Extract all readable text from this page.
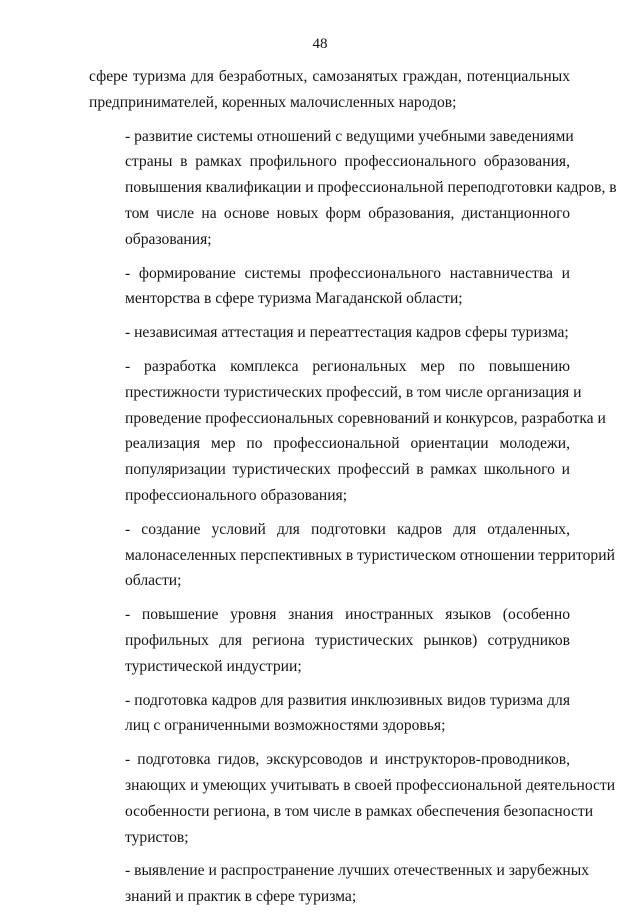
48

сфере туризма для безработных, самозанятых граждан, потенциальных
предпринимателей, коренных малочисленных народов;

- развитие системы отношений с ведущими учебными заведениями
страны в рамках профильного профессионального образования,
повышения квалификации и профессиональной переподготовки кадров, в
том числе на основе новых форм образования, дистанционного
образования;

- формирование системы профессионального наставничества и
менторства в сфере туризма Магаданской области;

- независимая аттестация и переаттестация кадров сферы туризма;

- разработка комплекса региональных мер по повышению
престижности туристических профессий, в том числе организация и
проведение профессиональных соревнований и конкурсов, разработка и
реализация мер по профессиональной ориентации молодежи,
популяризации туристических профессий в рамках школьного и
профессионального образования;

- создание условий для подготовки кадров для отдаленных,
малонаселенных перспективных в туристическом отношении территорий
области;

- повышение уровня знания иностранных языков (особенно
профильных для региона туристических рынков) сотрудников
туристической индустрии;

- подготовка кадров для развития инклюзивных видов туризма для
лиц с ограниченными возможностями здоровья;

- подготовка гидов, экскурсоводов и инструкторов-проводников,
знающих и умеющих учитывать в своей профессиональной деятельности
особенности региона, в том числе в рамках обеспечения безопасности
туристов;

- выявление и распространение лучших отечественных и зарубежных
знаний и практик в сфере туризма;
